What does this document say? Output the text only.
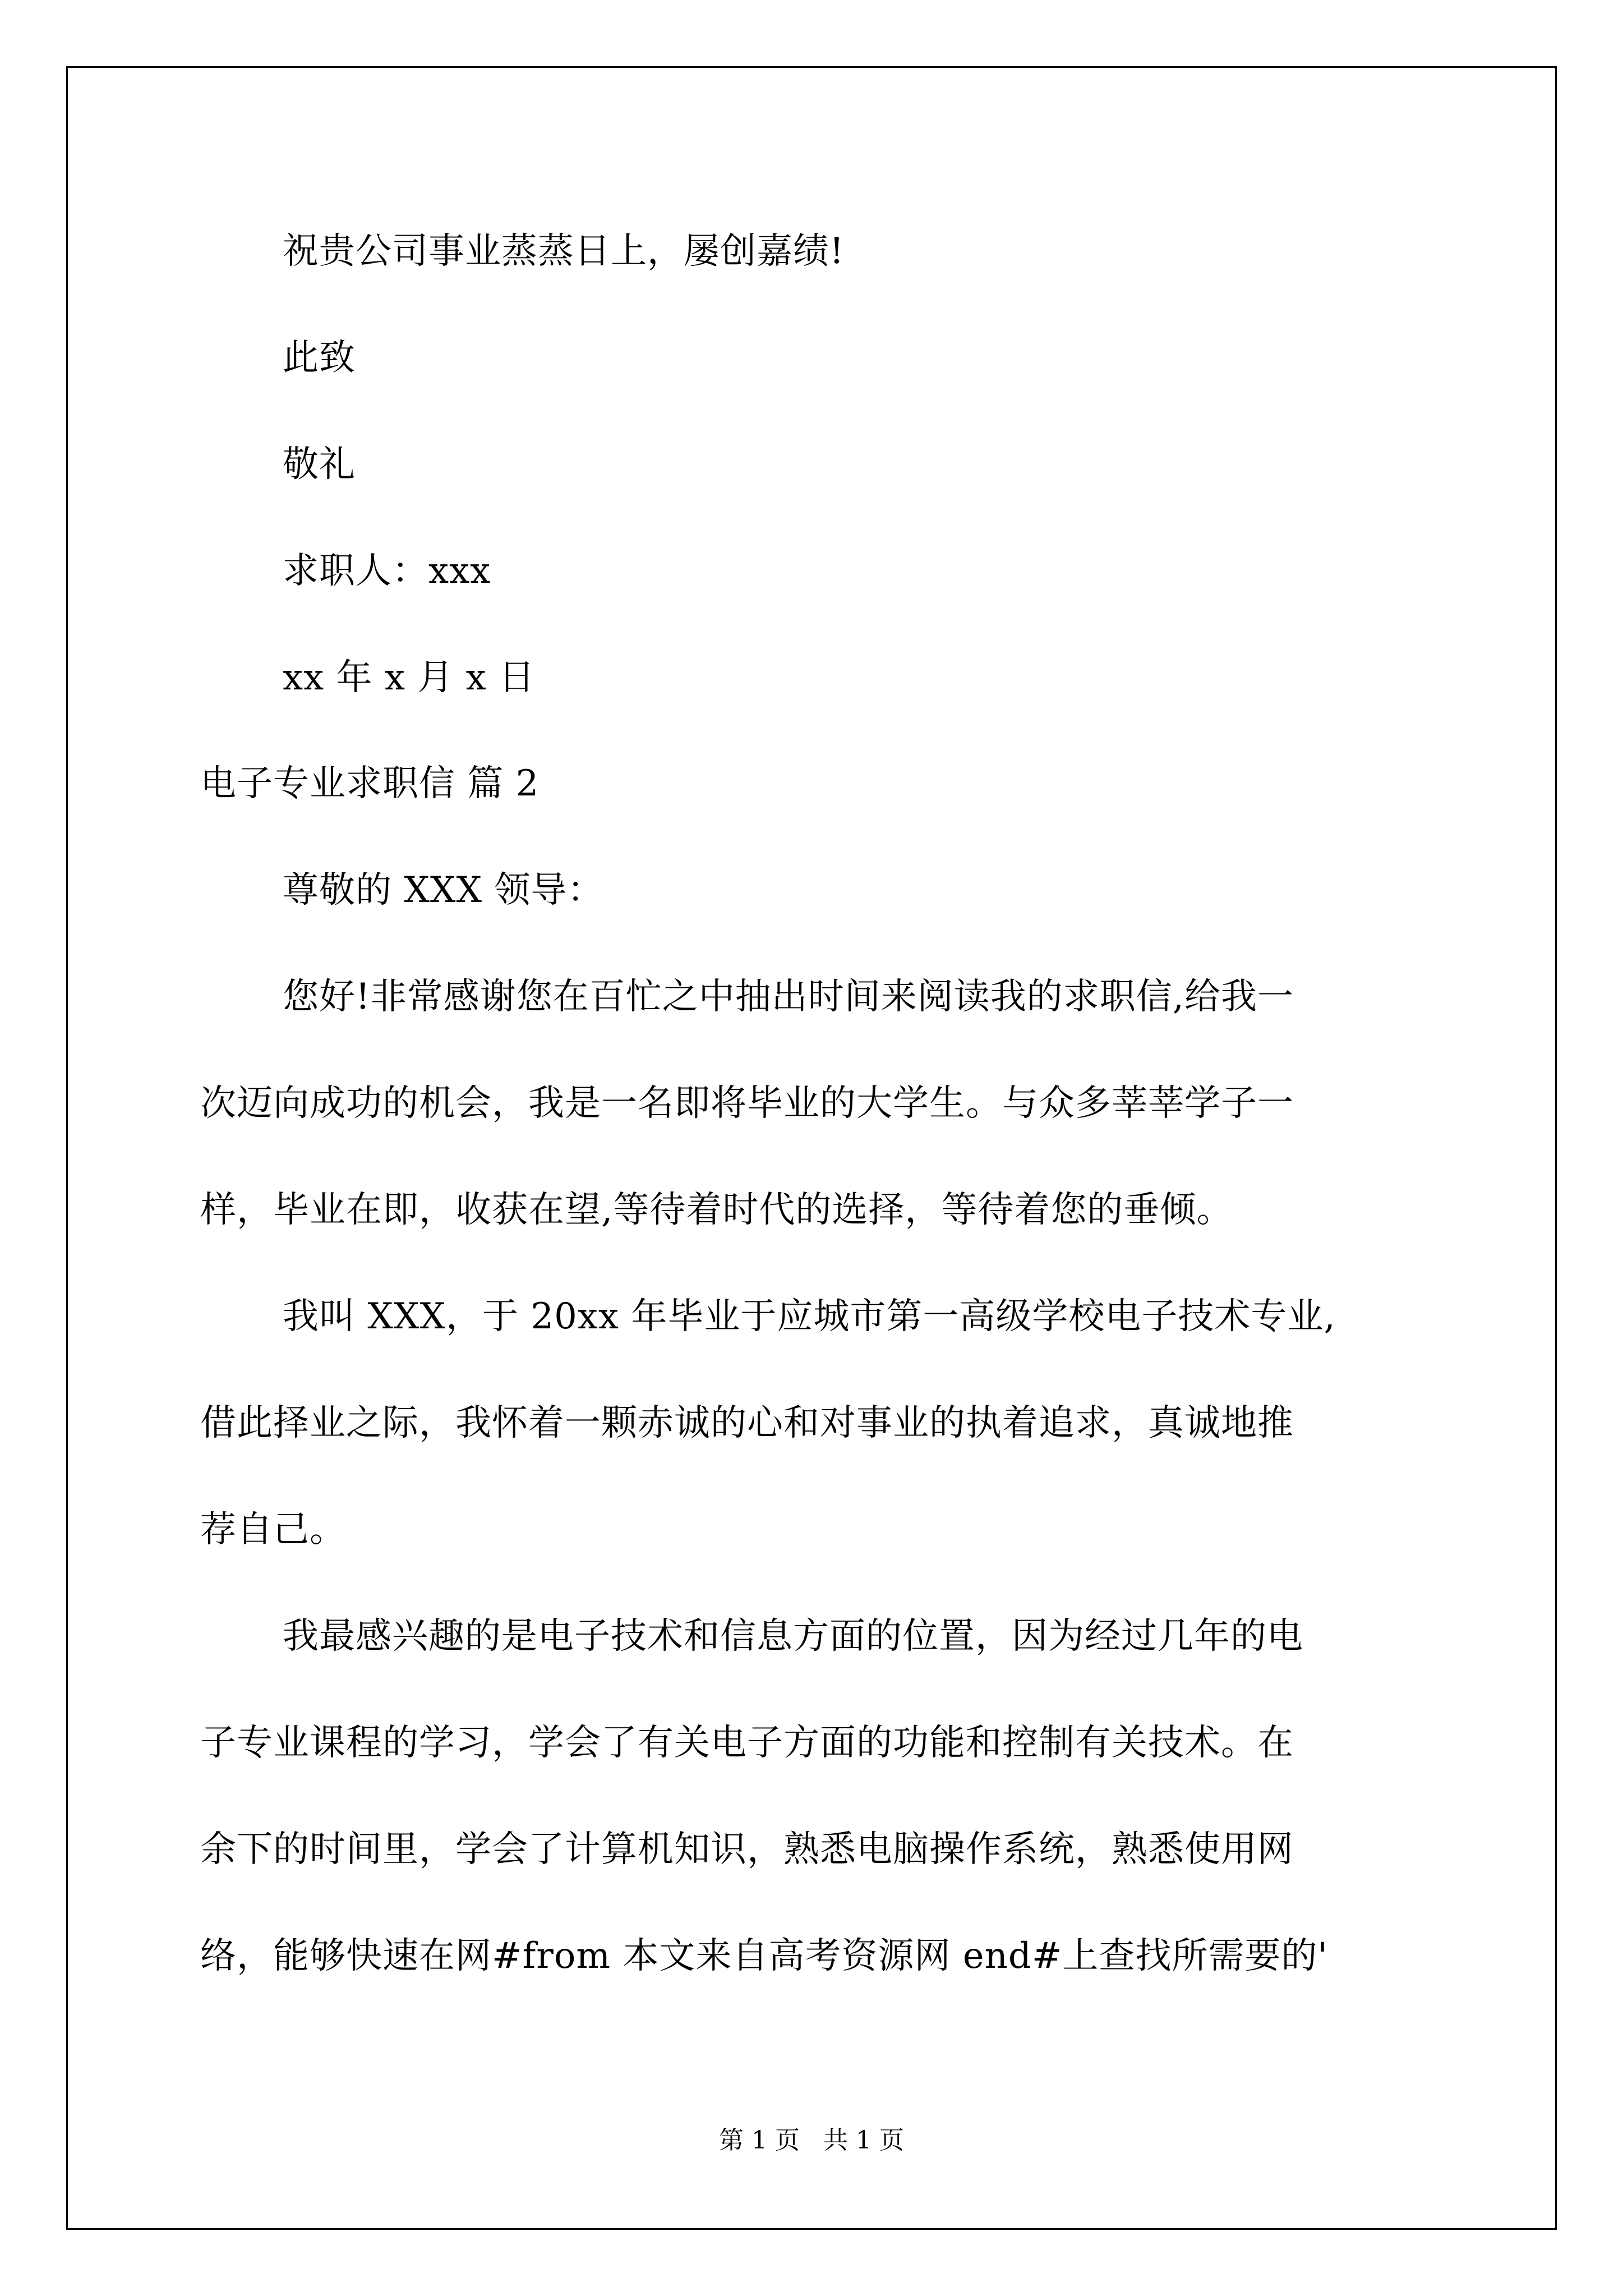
祝贵公司事业蒸蒸日上，屡创嘉绩!
此致
敬礼
求职人：xxx
xx 年 x 月 x 日
电子专业求职信 篇 2
尊敬的 XXX 领导：
您好!非常感谢您在百忙之中抽出时间来阅读我的求职信,给我一
次迈向成功的机会，我是一名即将毕业的大学生。与众多莘莘学子一
样，毕业在即，收获在望,等待着时代的选择，等待着您的垂倾。
我叫 XXX，于 20xx 年毕业于应城市第一高级学校电子技术专业,
借此择业之际，我怀着一颗赤诚的心和对事业的执着追求，真诚地推
荐自己。
我最感兴趣的是电子技术和信息方面的位置，因为经过几年的电
子专业课程的学习，学会了有关电子方面的功能和控制有关技术。在
余下的时间里，学会了计算机知识，熟悉电脑操作系统，熟悉使用网
络，能够快速在网#from 本文来自高考资源网 end#上查找所需要的'
第 1 页   共 1 页
